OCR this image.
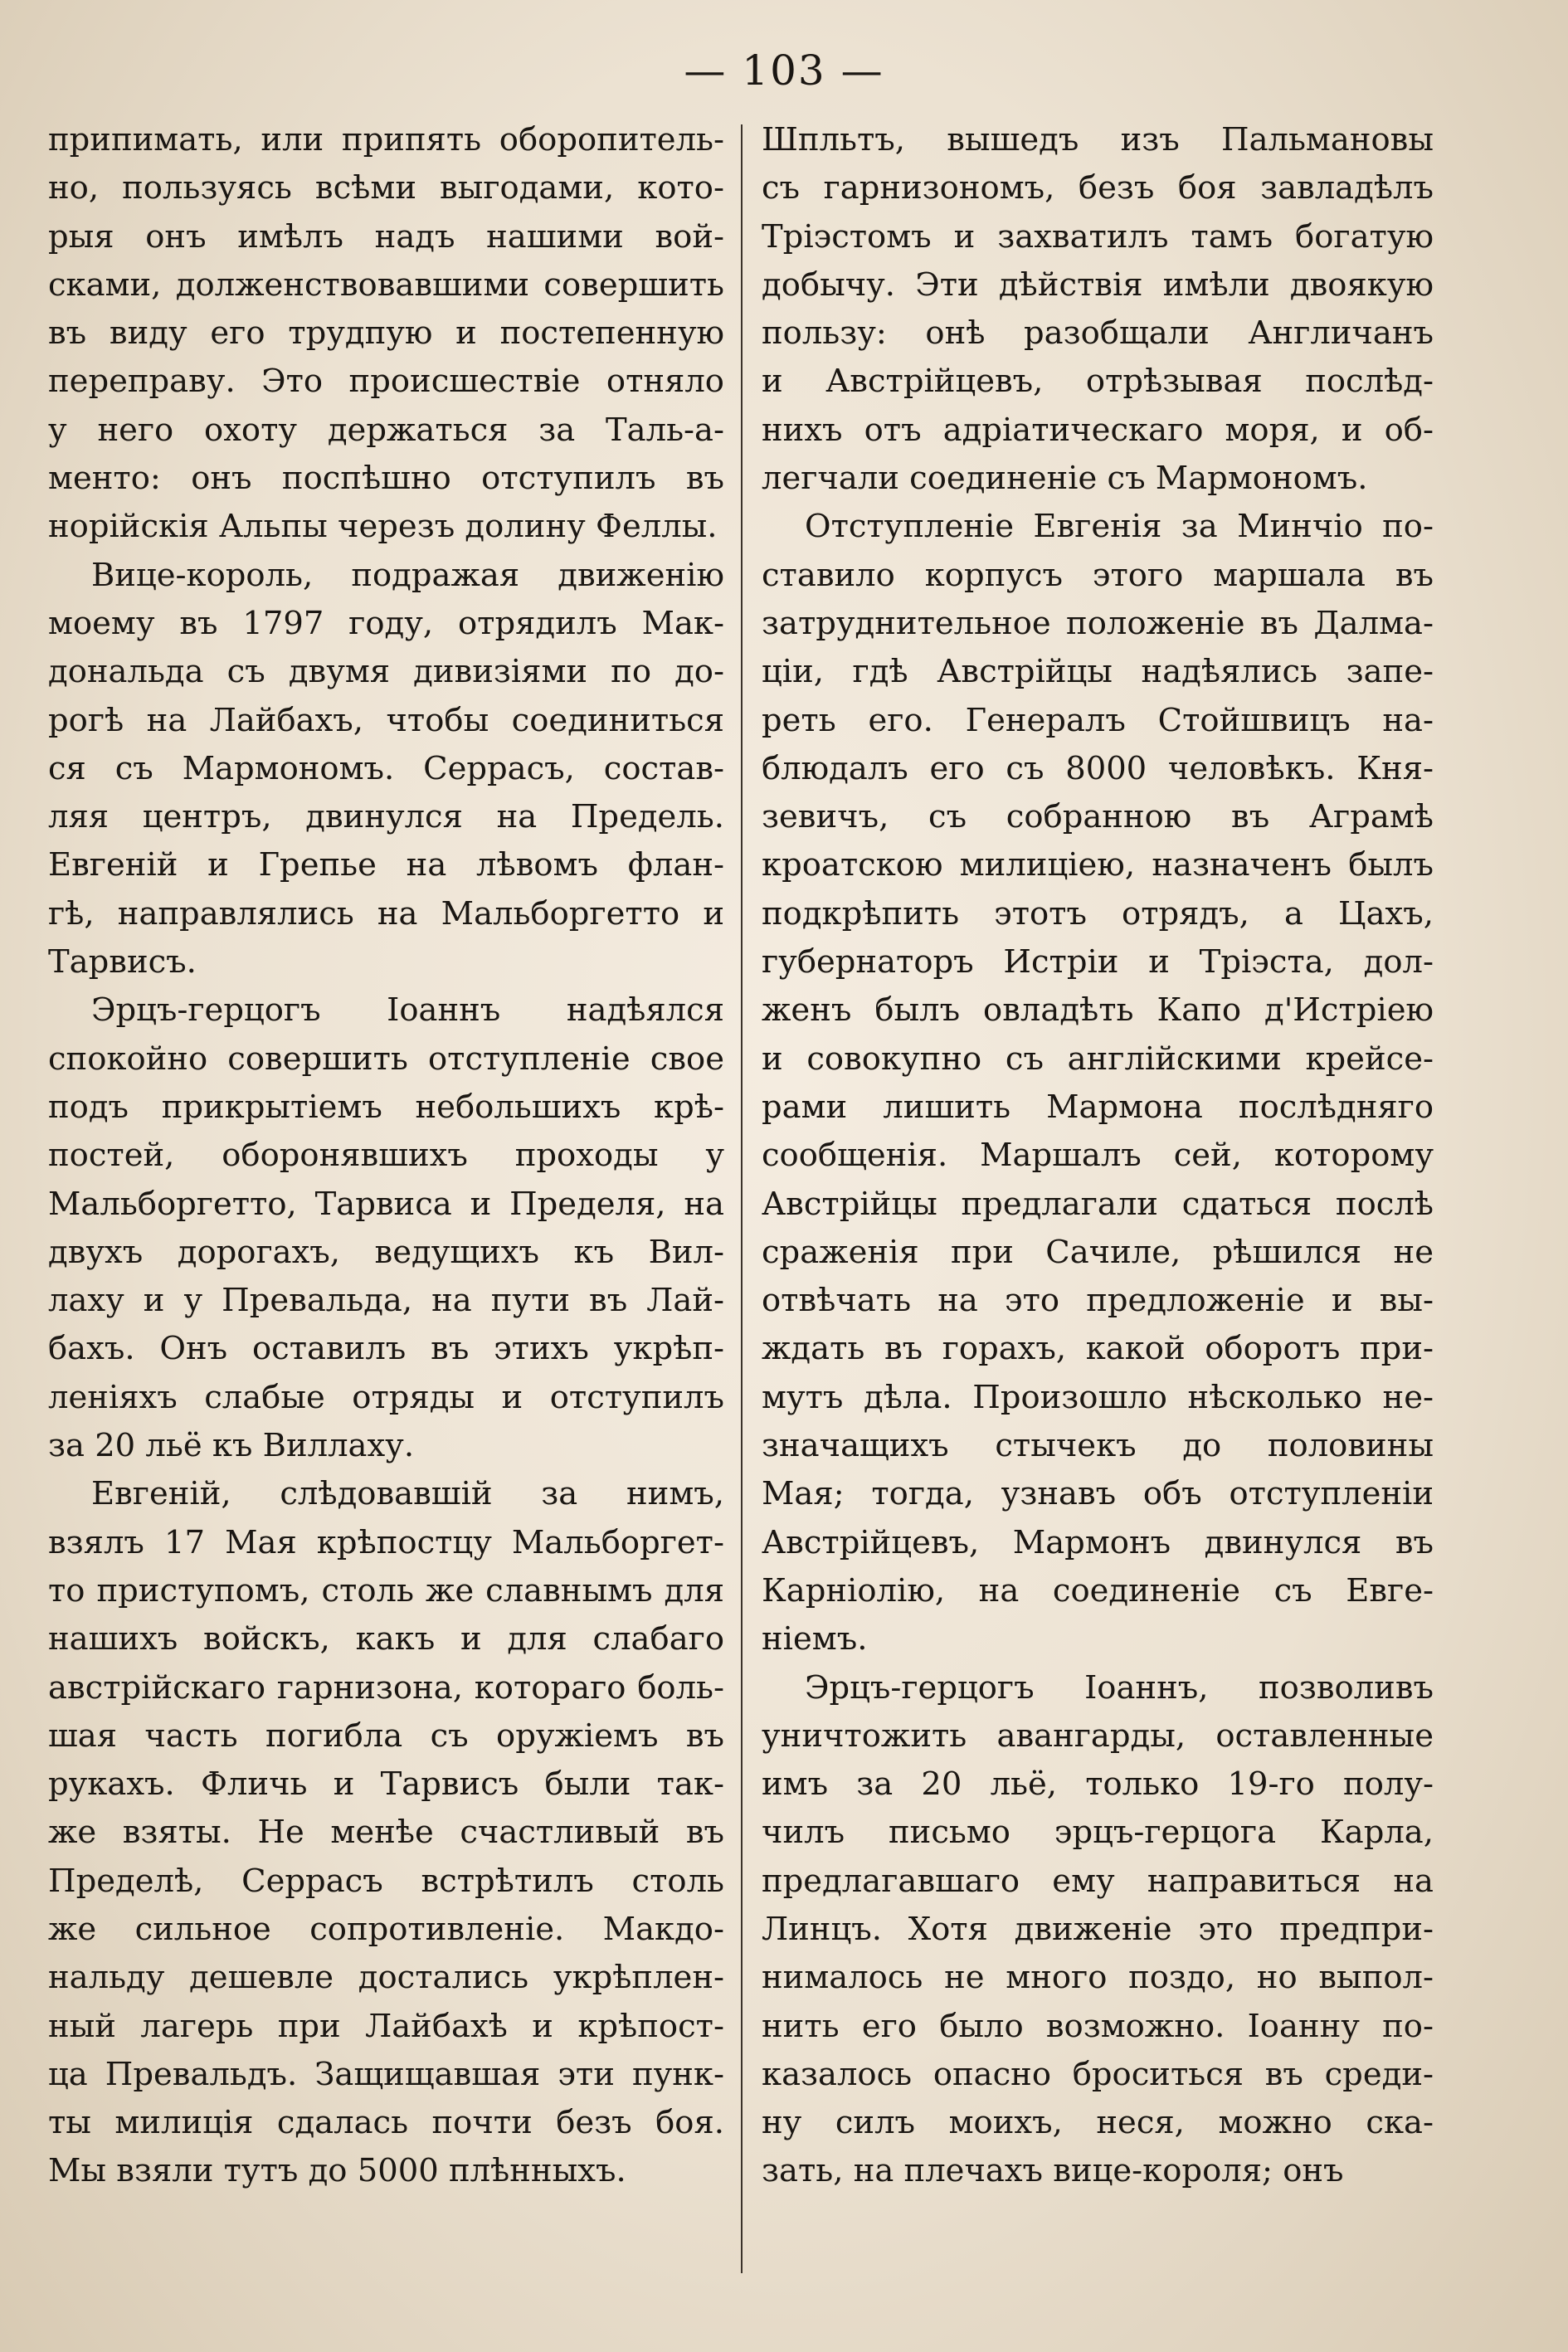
— 103 —
припимать, или припять оборопитель-
но, пользуясь всѣми выгодами, кото-
рыя онъ имѣлъ надъ нашими вой-
сками, долженствовавшими совершить
въ виду его трудпую и постепенную
переправу. Это происшествіе отняло
у него охоту держаться за Таль-а-
менто: онъ поспѣшно отступилъ въ
норійскія Альпы черезъ долину Феллы.
Вице-король, подражая движенію
моему въ 1797 году, отрядилъ Мак-
дональда съ двумя дивизіями по до-
рогѣ на Лайбахъ, чтобы соединиться
ся съ Мармономъ. Серрасъ, состав-
ляя центръ, двинулся на Предель.
Евгеній и Грепье на лѣвомъ флан-
гѣ, направлялись на Мальборгетто и
Тарвисъ.
Эрцъ-герцогъ Іоаннъ надѣялся
спокойно совершить отступленіе свое
подъ прикрытіемъ небольшихъ крѣ-
постей, оборонявшихъ проходы у
Мальборгетто, Тарвиса и Пределя, на
двухъ дорогахъ, ведущихъ къ Вил-
лаху и у Превальда, на пути въ Лай-
бахъ. Онъ оставилъ въ этихъ укрѣп-
леніяхъ слабые отряды и отступилъ
за 20 льё къ Виллаху.
Евгеній, слѣдовавшій за нимъ,
взялъ 17 Мая крѣпостцу Мальборгет-
то приступомъ, столь же славнымъ для
нашихъ войскъ, какъ и для слабаго
австрійскаго гарнизона, котораго боль-
шая часть погибла съ оружіемъ въ
рукахъ. Фличь и Тарвисъ были так-
же взяты. Не менѣе счастливый въ
Пределѣ, Серрасъ встрѣтилъ столь
же сильное сопротивленіе. Макдо-
нальду дешевле достались укрѣплен-
ный лагерь при Лайбахѣ и крѣпост-
ца Превальдъ. Защищавшая эти пунк-
ты милиція сдалась почти безъ боя.
Мы взяли тутъ до 5000 плѣнныхъ.
Шпльтъ, вышедъ изъ Пальмановы
съ гарнизономъ, безъ боя завладѣлъ
Тріэстомъ и захватилъ тамъ богатую
добычу. Эти дѣйствія имѣли двоякую
пользу: онѣ разобщали Англичанъ
и Австрійцевъ, отрѣзывая послѣд-
нихъ отъ адріатическаго моря, и об-
легчали соединеніе съ Мармономъ.
Отступленіе Евгенія за Минчіо по-
ставило корпусъ этого маршала въ
затруднительное положеніе въ Далма-
ціи, гдѣ Австрійцы надѣялись запе-
реть его. Генералъ Стойшвицъ на-
блюдалъ его съ 8000 человѣкъ. Кня-
зевичъ, съ собранною въ Аграмѣ
кроатскою милиціею, назначенъ былъ
подкрѣпить этотъ отрядъ, а Цахъ,
губернаторъ Истріи и Тріэста, дол-
женъ былъ овладѣть Капо д'Истріею
и совокупно съ англійскими крейсе-
рами лишить Мармона послѣдняго
сообщенія. Маршалъ сей, которому
Австрійцы предлагали сдаться послѣ
сраженія при Сачиле, рѣшился не
отвѣчать на это предложеніе и вы-
ждать въ горахъ, какой оборотъ при-
мутъ дѣла. Произошло нѣсколько не-
значащихъ стычекъ до половины
Мая; тогда, узнавъ объ отступленіи
Австрійцевъ, Мармонъ двинулся въ
Карніолію, на соединеніе съ Евге-
ніемъ.
Эрцъ-герцогъ Іоаннъ, позволивъ
уничтожить авангарды, оставленные
имъ за 20 льё, только 19-го полу-
чилъ письмо эрцъ-герцога Карла,
предлагавшаго ему направиться на
Линцъ. Хотя движеніе это предпри-
нималось не много поздо, но выпол-
нить его было возможно. Іоанну по-
казалось опасно броситься въ среди-
ну силъ моихъ, неся, можно ска-
зать, на плечахъ вице-короля; онъ
